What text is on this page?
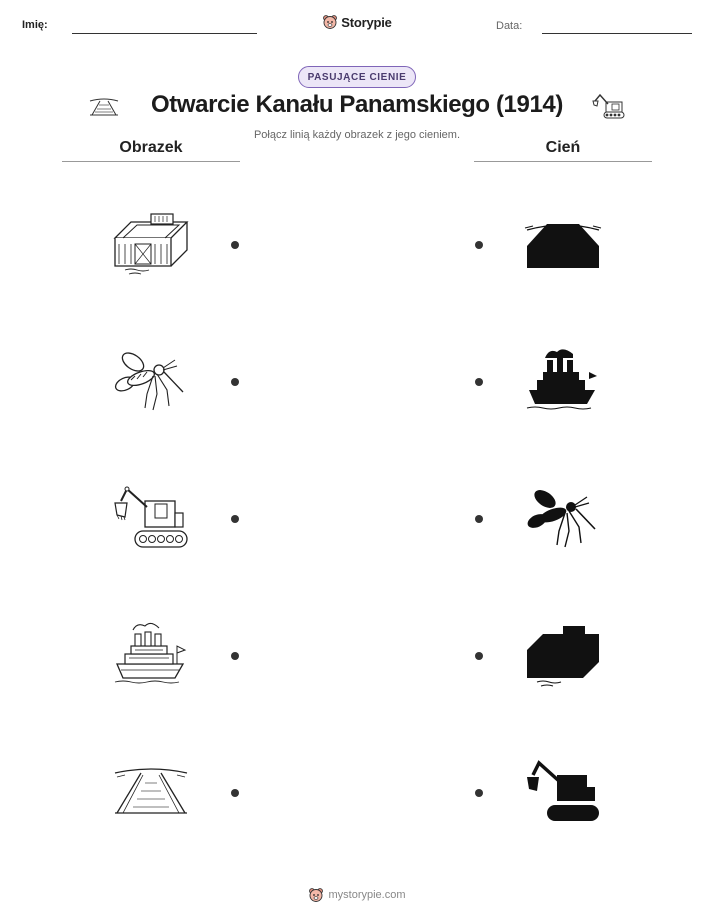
Imię:	Storypie	Data:
PASUJĄCE CIENIE
Otwarcie Kanału Panamskiego (1914)
Połącz linią każdy obrazek z jego cieniem.
Obrazek	Cień
mystorypie.com
